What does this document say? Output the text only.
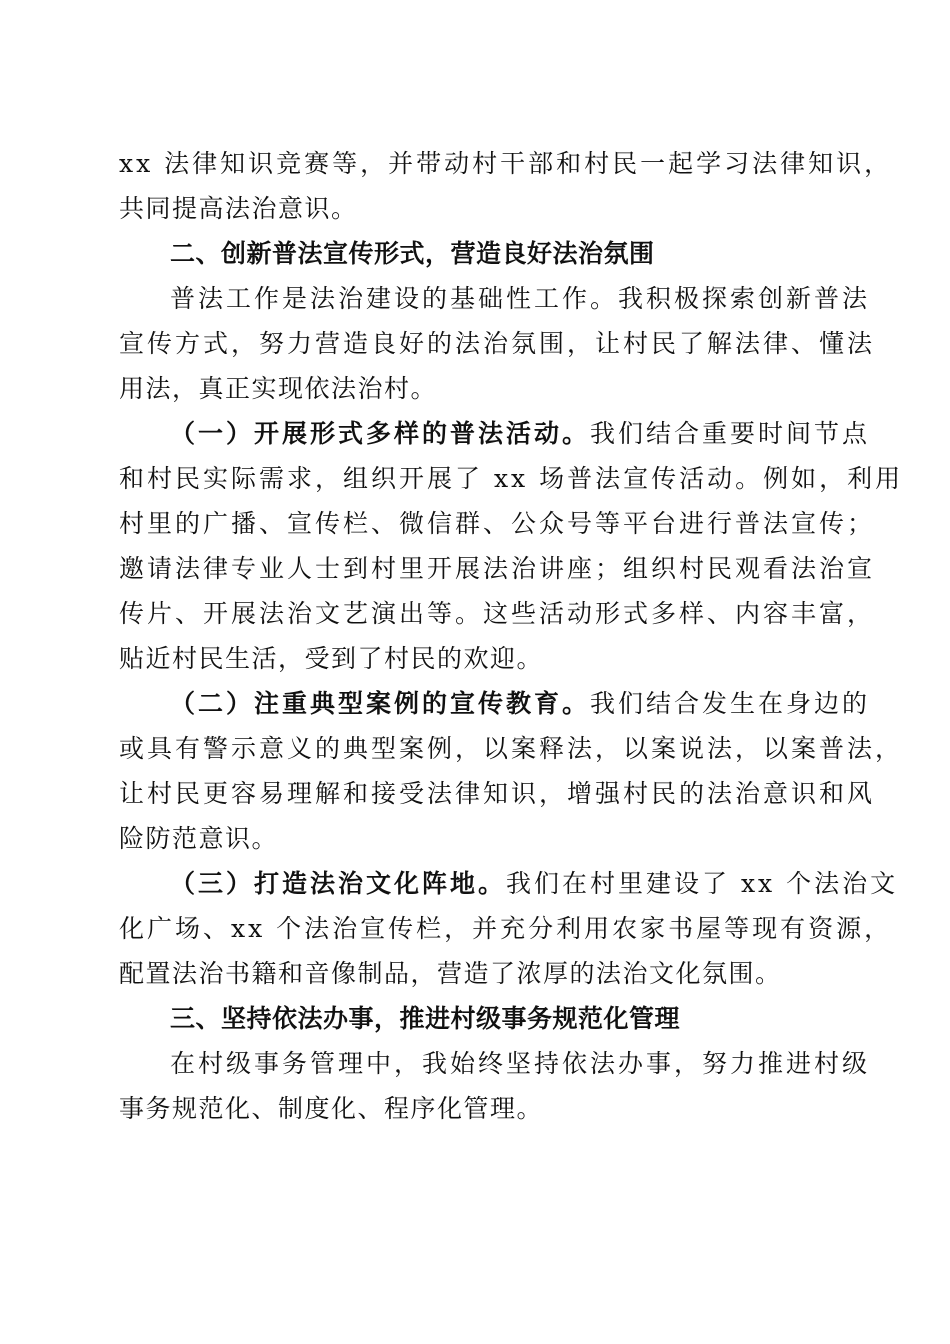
xx 法律知识竞赛等，并带动村干部和村民一起学习法律知识，
共同提高法治意识。
二、创新普法宣传形式，营造良好法治氛围
普法工作是法治建设的基础性工作。我积极探索创新普法
宣传方式，努力营造良好的法治氛围，让村民了解法律、懂法
用法，真正实现依法治村。
（一）开展形式多样的普法活动。我们结合重要时间节点
和村民实际需求，组织开展了 xx 场普法宣传活动。例如，利用
村里的广播、宣传栏、微信群、公众号等平台进行普法宣传；
邀请法律专业人士到村里开展法治讲座；组织村民观看法治宣
传片、开展法治文艺演出等。这些活动形式多样、内容丰富，
贴近村民生活，受到了村民的欢迎。
（二）注重典型案例的宣传教育。我们结合发生在身边的
或具有警示意义的典型案例，以案释法，以案说法，以案普法，
让村民更容易理解和接受法律知识，增强村民的法治意识和风
险防范意识。
（三）打造法治文化阵地。我们在村里建设了 xx 个法治文
化广场、xx 个法治宣传栏，并充分利用农家书屋等现有资源，
配置法治书籍和音像制品，营造了浓厚的法治文化氛围。
三、坚持依法办事，推进村级事务规范化管理
在村级事务管理中，我始终坚持依法办事，努力推进村级
事务规范化、制度化、程序化管理。
